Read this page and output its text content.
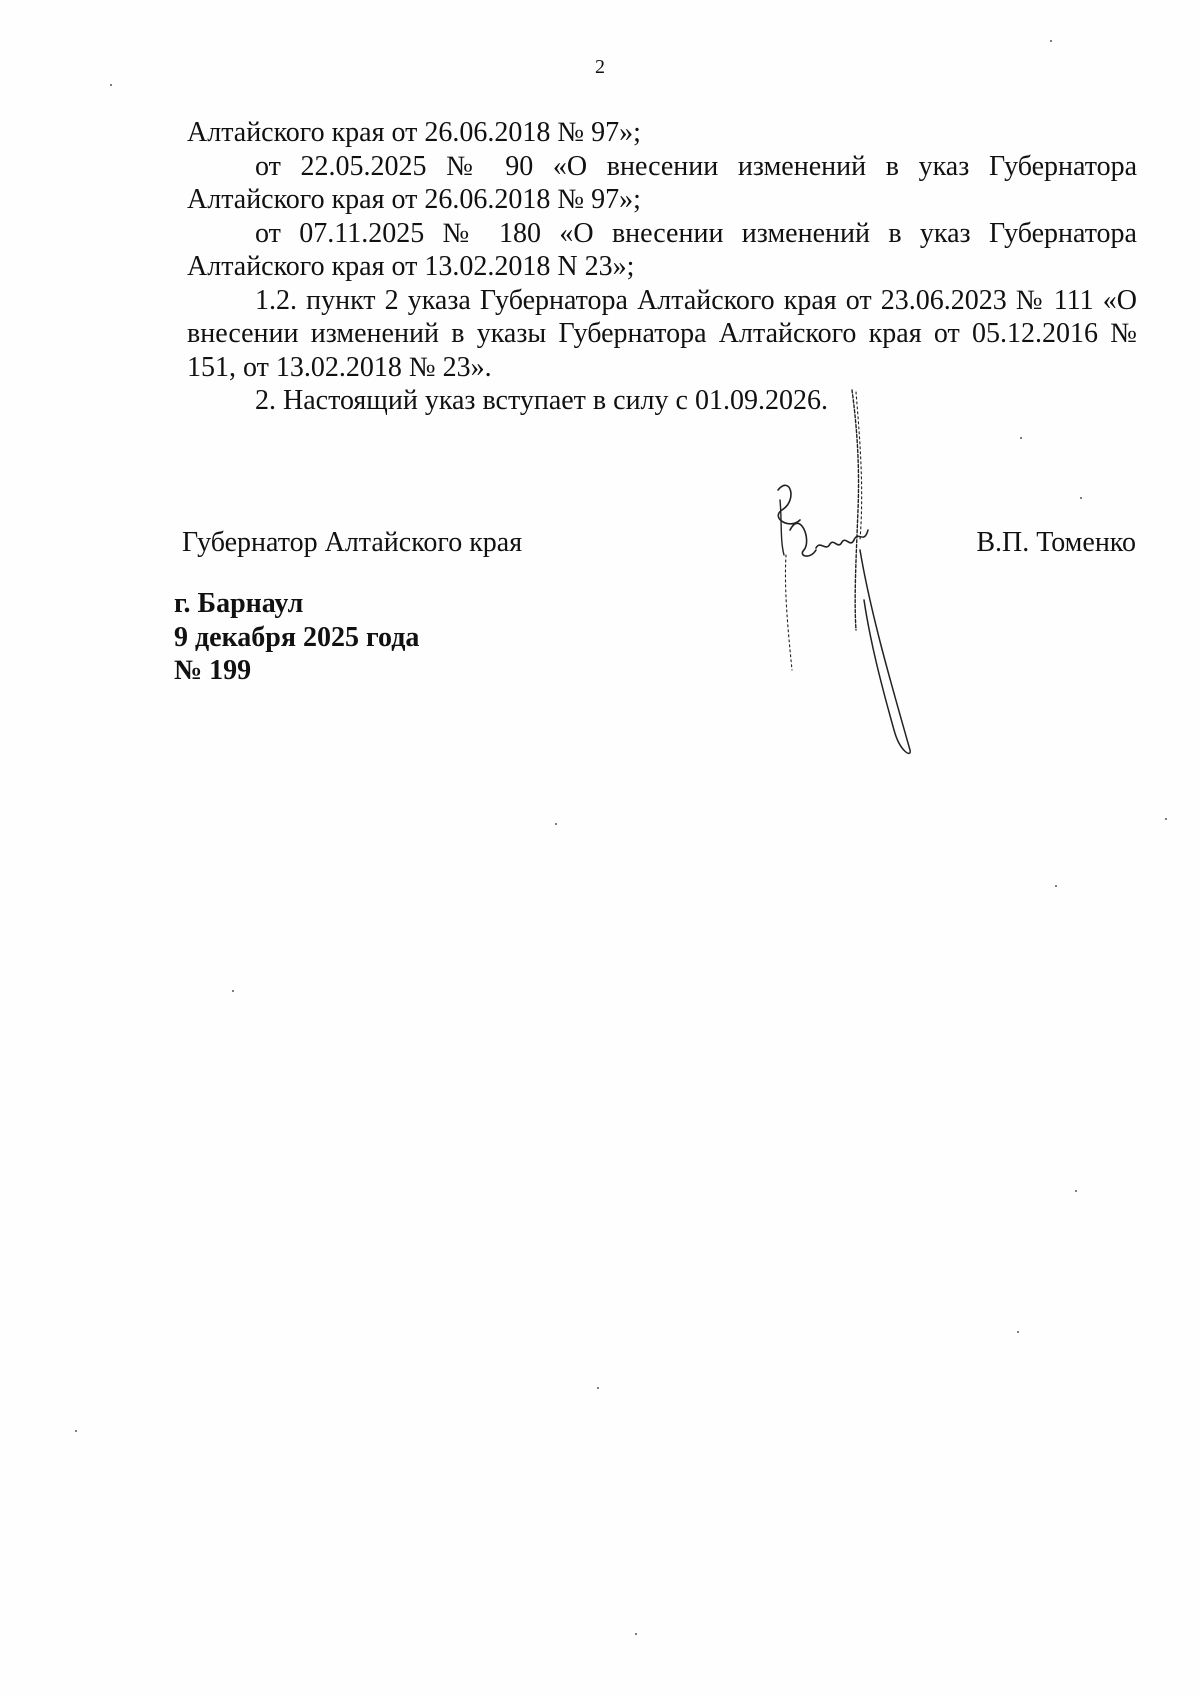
2

Алтайского края от 26.06.2018 № 97»;

от 22.05.2025 № 90 «О внесении изменений в указ Губернатора Алтайского края от 26.06.2018 № 97»;

от 07.11.2025 № 180 «О внесении изменений в указ Губернатора Алтайского края от 13.02.2018 N 23»;

1.2. пункт 2 указа Губернатора Алтайского края от 23.06.2023 № 111 «О внесении изменений в указы Губернатора Алтайского края от 05.12.2016 № 151, от 13.02.2018 № 23».

2. Настоящий указ вступает в силу с 01.09.2026.

Губернатор Алтайского края	В.П. Томенко
г. Барнаул
9 декабря 2025 года
№ 199
